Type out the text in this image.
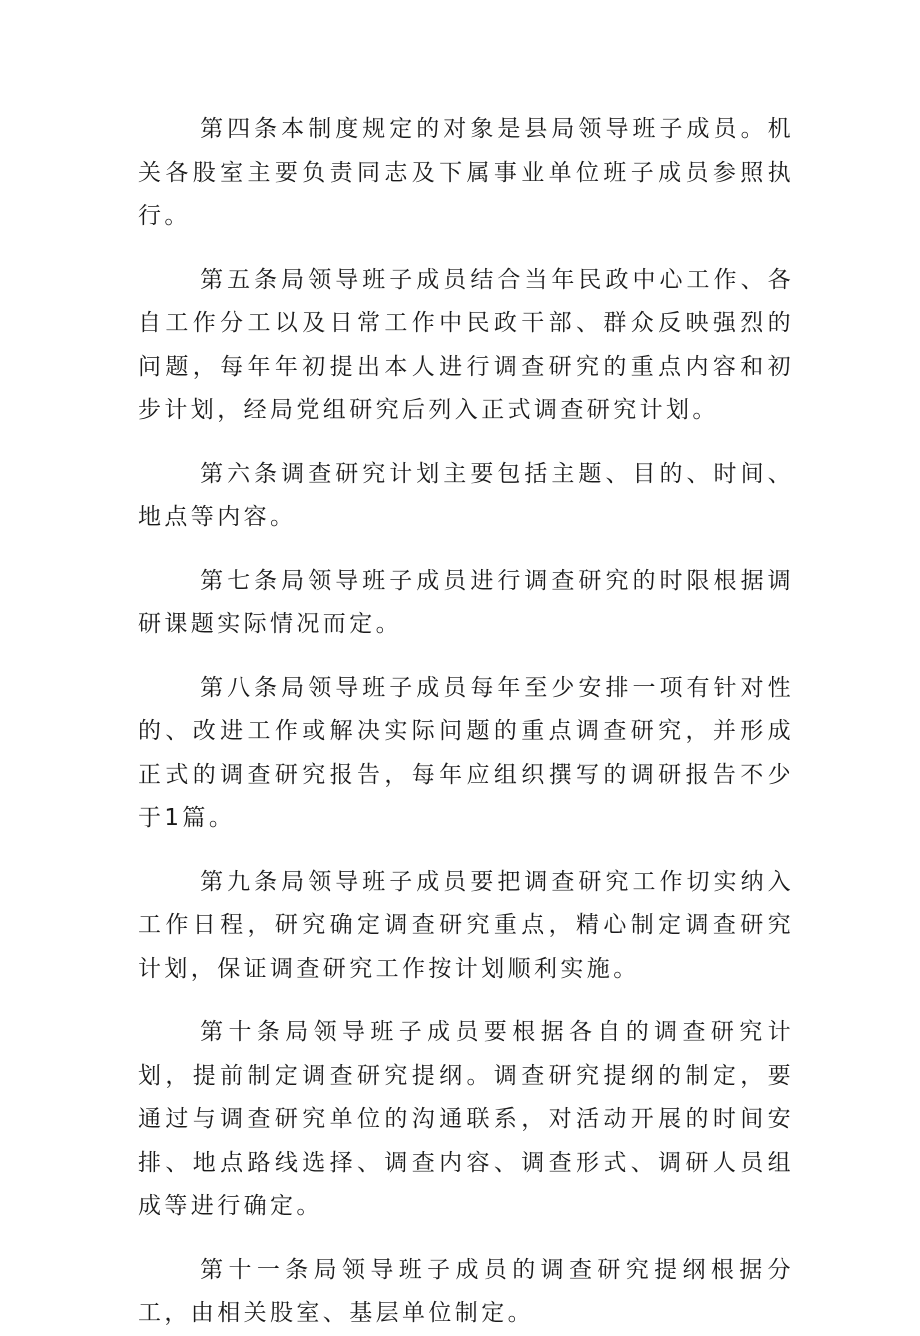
第四条本制度规定的对象是县局领导班子成员。机关各股室主要负责同志及下属事业单位班子成员参照执行。

第五条局领导班子成员结合当年民政中心工作、各自工作分工以及日常工作中民政干部、群众反映强烈的问题，每年年初提出本人进行调查研究的重点内容和初步计划，经局党组研究后列入正式调查研究计划。

第六条调查研究计划主要包括主题、目的、时间、地点等内容。

第七条局领导班子成员进行调查研究的时限根据调研课题实际情况而定。

第八条局领导班子成员每年至少安排一项有针对性的、改进工作或解决实际问题的重点调查研究，并形成正式的调查研究报告，每年应组织撰写的调研报告不少于1篇。

第九条局领导班子成员要把调查研究工作切实纳入工作日程，研究确定调查研究重点，精心制定调查研究计划，保证调查研究工作按计划顺利实施。

第十条局领导班子成员要根据各自的调查研究计划，提前制定调查研究提纲。调查研究提纲的制定，要通过与调查研究单位的沟通联系，对活动开展的时间安排、地点路线选择、调查内容、调查形式、调研人员组成等进行确定。

第十一条局领导班子成员的调查研究提纲根据分工，由相关股室、基层单位制定。
